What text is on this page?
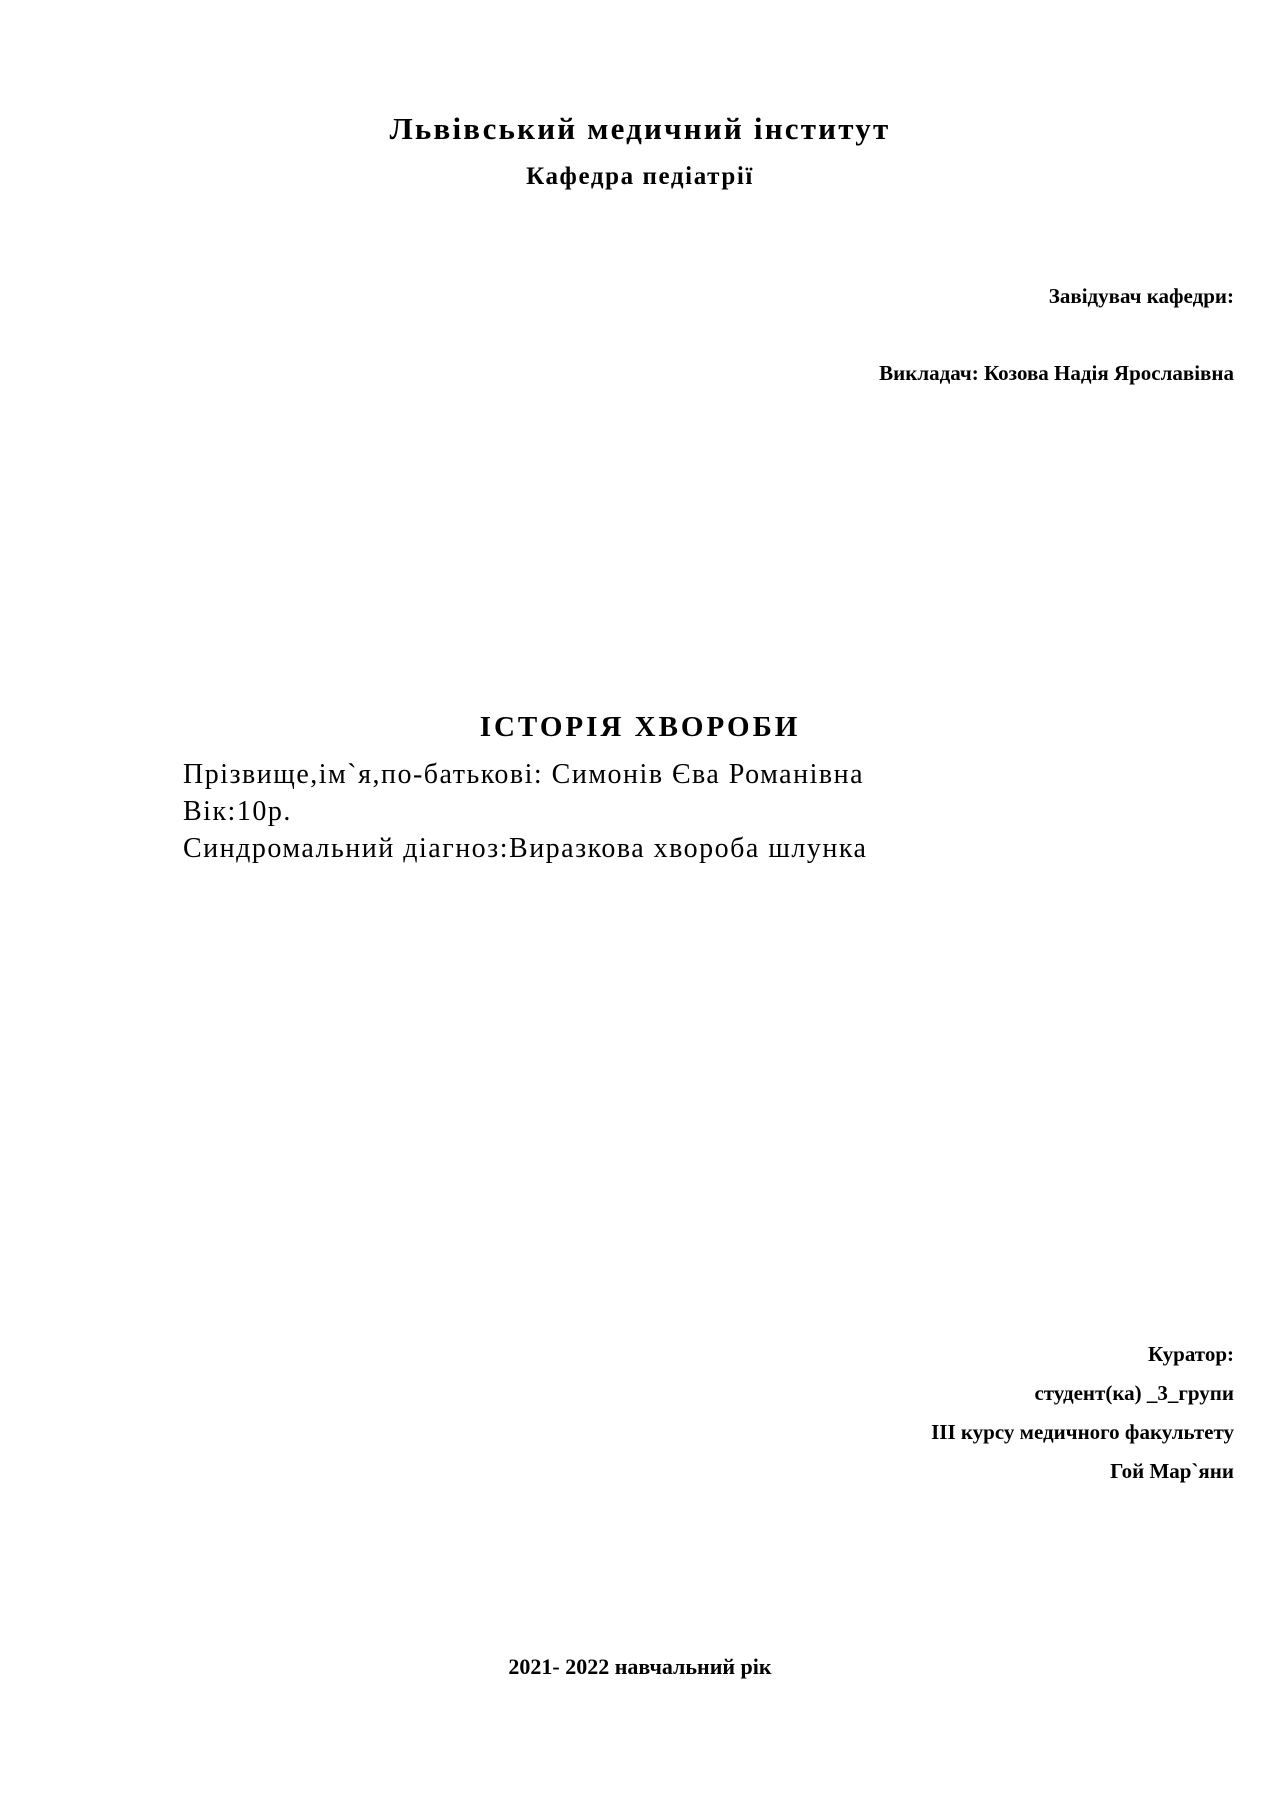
Львівський медичний інститут
Кафедра педіатрії
Завідувач кафедри:
Викладач: Козова Надія Ярославівна
ІСТОРІЯ ХВОРОБИ
Прізвище,ім`я,по-батькові: Симонів Єва Романівна
Вік:10р.
Синдромальний діагноз:Виразкова хвороба шлунка
Куратор:
студент(ка) _3_групи
ІІІ курсу медичного факультету
Гой Мар`яни
2021- 2022 навчальний рік
